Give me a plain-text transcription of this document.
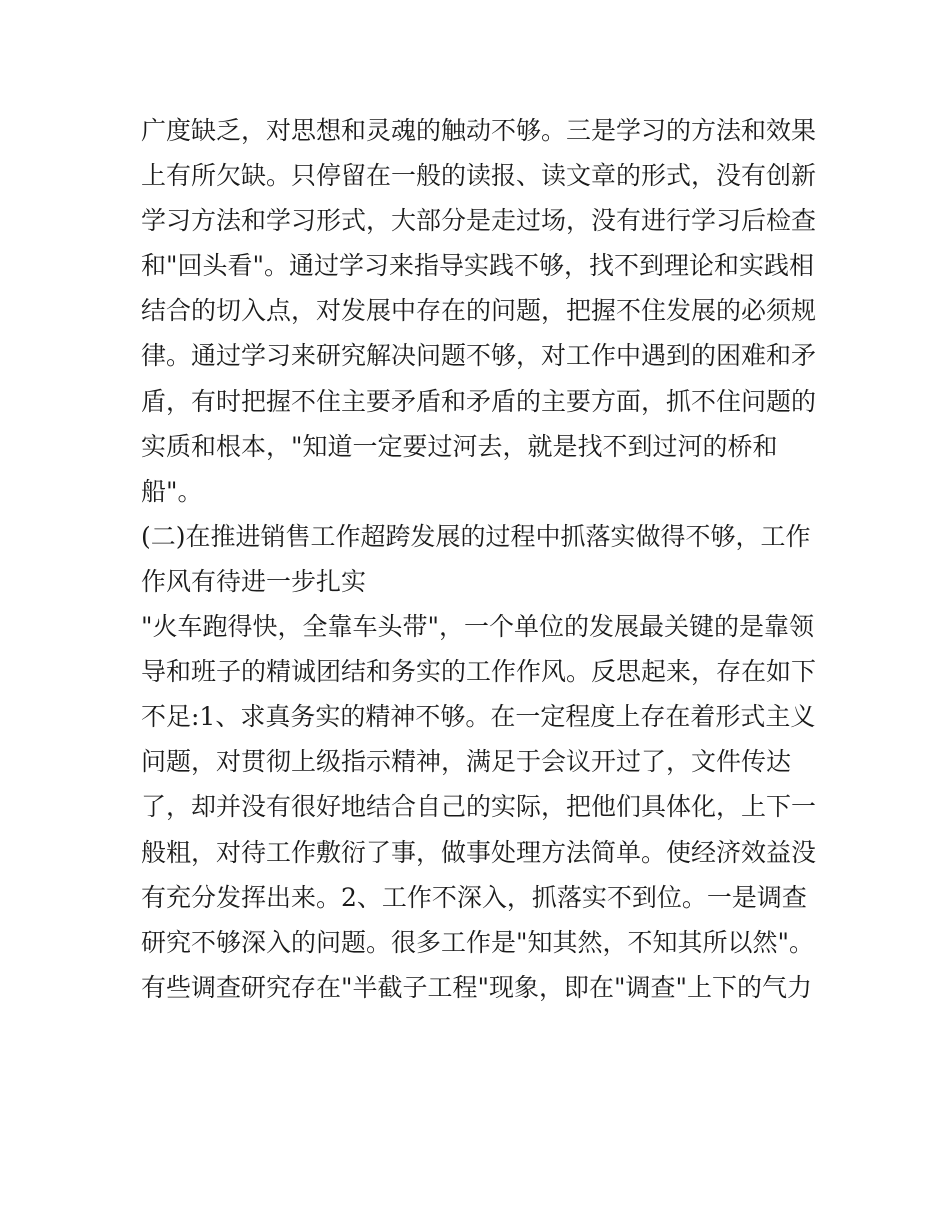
广度缺乏，对思想和灵魂的触动不够。三是学习的方法和效果
上有所欠缺。只停留在一般的读报、读文章的形式，没有创新
学习方法和学习形式，大部分是走过场，没有进行学习后检查
和"回头看"。通过学习来指导实践不够，找不到理论和实践相
结合的切入点，对发展中存在的问题，把握不住发展的必须规
律。通过学习来研究解决问题不够，对工作中遇到的困难和矛
盾，有时把握不住主要矛盾和矛盾的主要方面，抓不住问题的
实质和根本，"知道一定要过河去，就是找不到过河的桥和
船"。
(二)在推进销售工作超跨发展的过程中抓落实做得不够，工作
作风有待进一步扎实
"火车跑得快，全靠车头带"，一个单位的发展最关键的是靠领
导和班子的精诚团结和务实的工作作风。反思起来，存在如下
不足:1、求真务实的精神不够。在一定程度上存在着形式主义
问题，对贯彻上级指示精神，满足于会议开过了，文件传达
了，却并没有很好地结合自己的实际，把他们具体化，上下一
般粗，对待工作敷衍了事，做事处理方法简单。使经济效益没
有充分发挥出来。2、工作不深入，抓落实不到位。一是调查
研究不够深入的问题。很多工作是"知其然，不知其所以然"。
有些调查研究存在"半截子工程"现象，即在"调查"上下的气力
